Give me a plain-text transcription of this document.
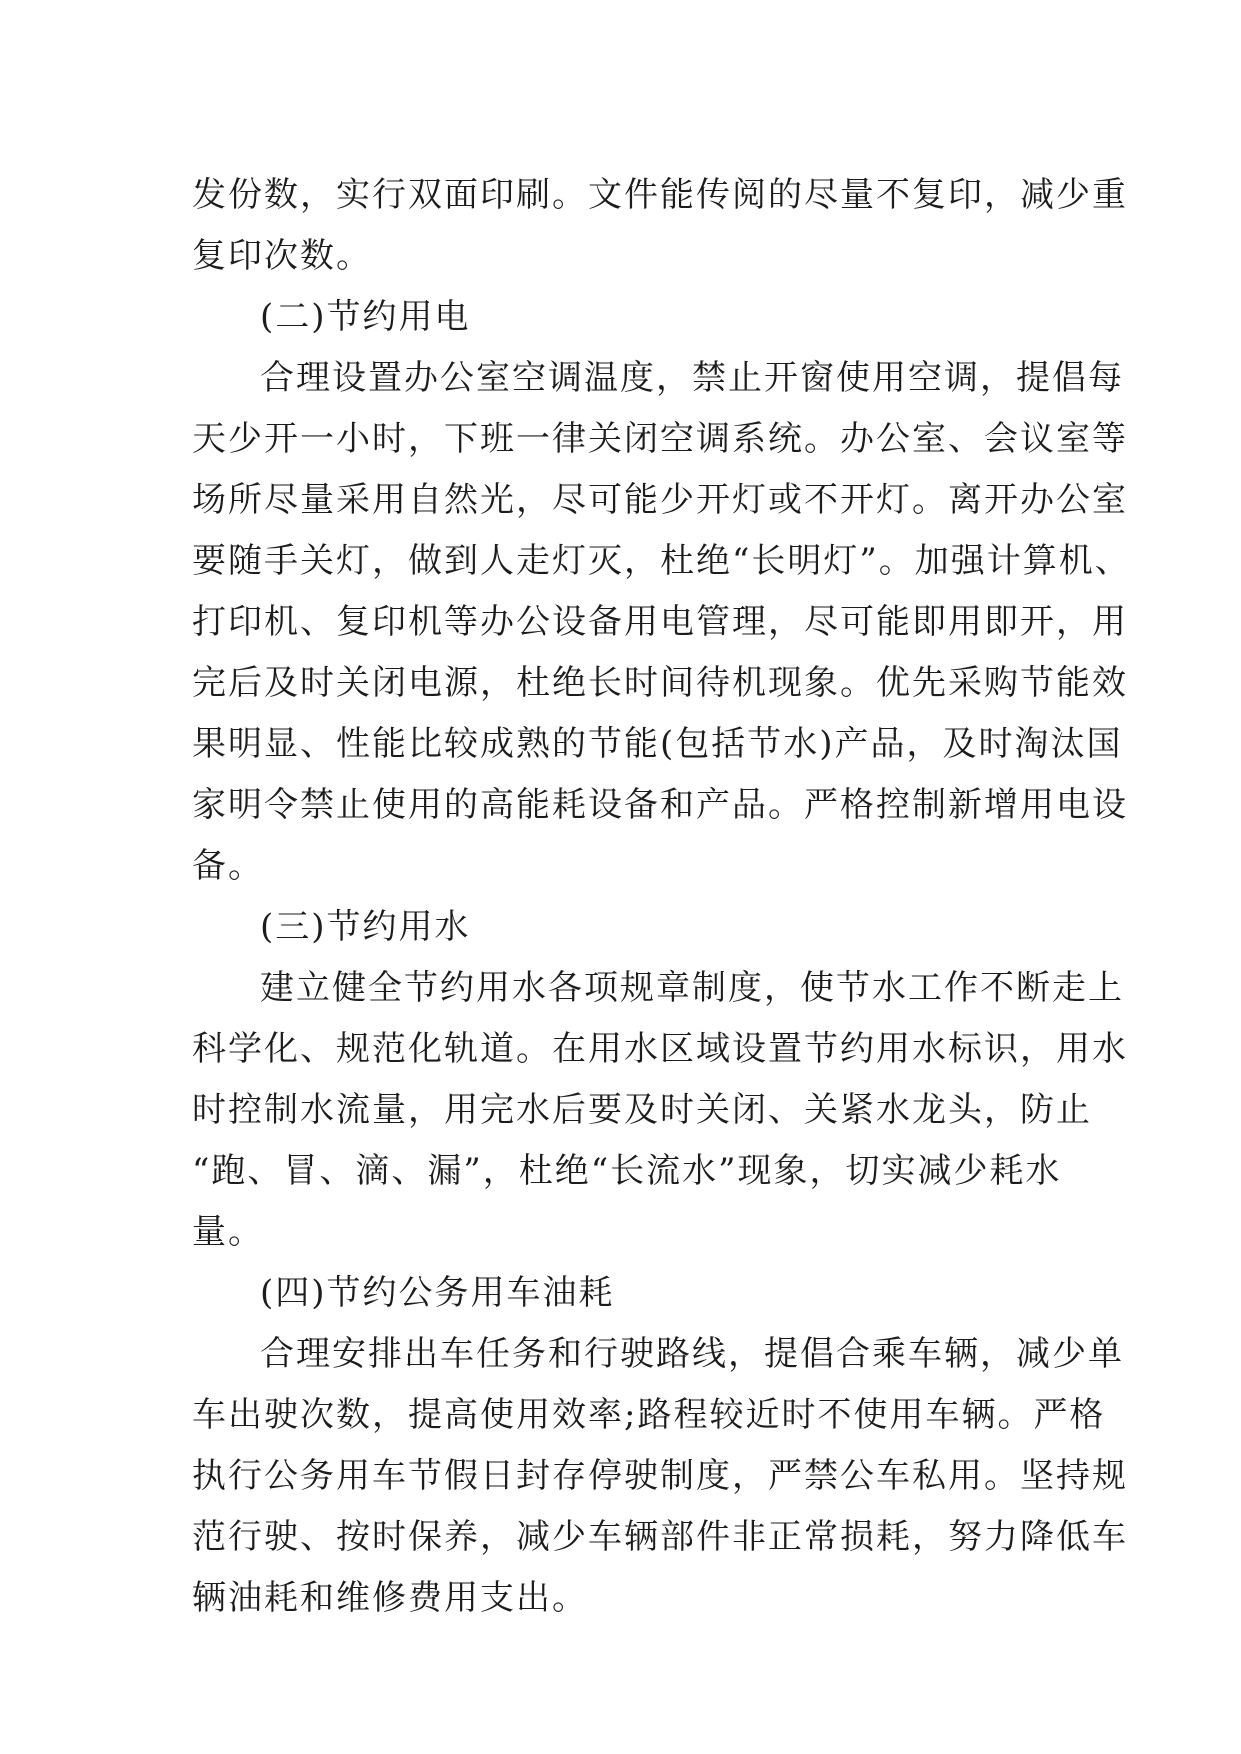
发份数，实行双面印刷。文件能传阅的尽量不复印，减少重
复印次数。
(二)节约用电
合理设置办公室空调温度，禁止开窗使用空调，提倡每
天少开一小时，下班一律关闭空调系统。办公室、会议室等
场所尽量采用自然光，尽可能少开灯或不开灯。离开办公室
要随手关灯，做到人走灯灭，杜绝“长明灯”。加强计算机、
打印机、复印机等办公设备用电管理，尽可能即用即开，用
完后及时关闭电源，杜绝长时间待机现象。优先采购节能效
果明显、性能比较成熟的节能(包括节水)产品，及时淘汰国
家明令禁止使用的高能耗设备和产品。严格控制新增用电设
备。
(三)节约用水
建立健全节约用水各项规章制度，使节水工作不断走上
科学化、规范化轨道。在用水区域设置节约用水标识，用水
时控制水流量，用完水后要及时关闭、关紧水龙头，防止
“跑、冒、滴、漏”，杜绝“长流水”现象，切实减少耗水
量。
(四)节约公务用车油耗
合理安排出车任务和行驶路线，提倡合乘车辆，减少单
车出驶次数，提高使用效率;路程较近时不使用车辆。严格
执行公务用车节假日封存停驶制度，严禁公车私用。坚持规
范行驶、按时保养，减少车辆部件非正常损耗，努力降低车
辆油耗和维修费用支出。
